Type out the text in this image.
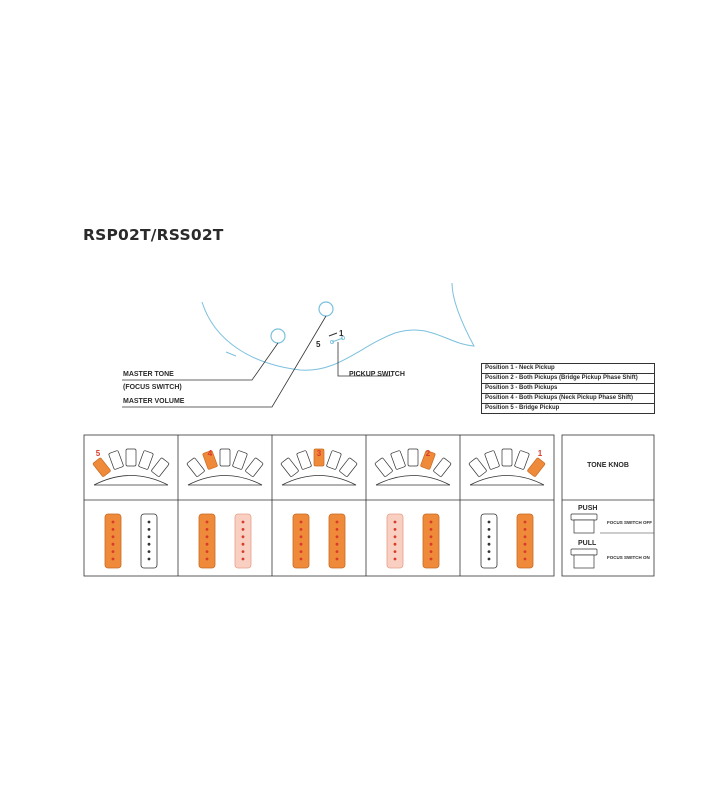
RSP02T/RSS02T
5
1
MASTER TONE
(FOCUS SWITCH)
MASTER VOLUME
PICKUP SWITCH
Position 1 - Neck Pickup
Position 2 - Both Pickups (Bridge Pickup Phase Shift)
Position 3 - Both Pickups
Position 4 - Both Pickups (Neck Pickup Phase Shift)
Position 5 - Bridge Pickup
5	4	3	2	1
TONE KNOB
PUSH
FOCUS SWITCH OFF
PULL
FOCUS SWITCH ON
